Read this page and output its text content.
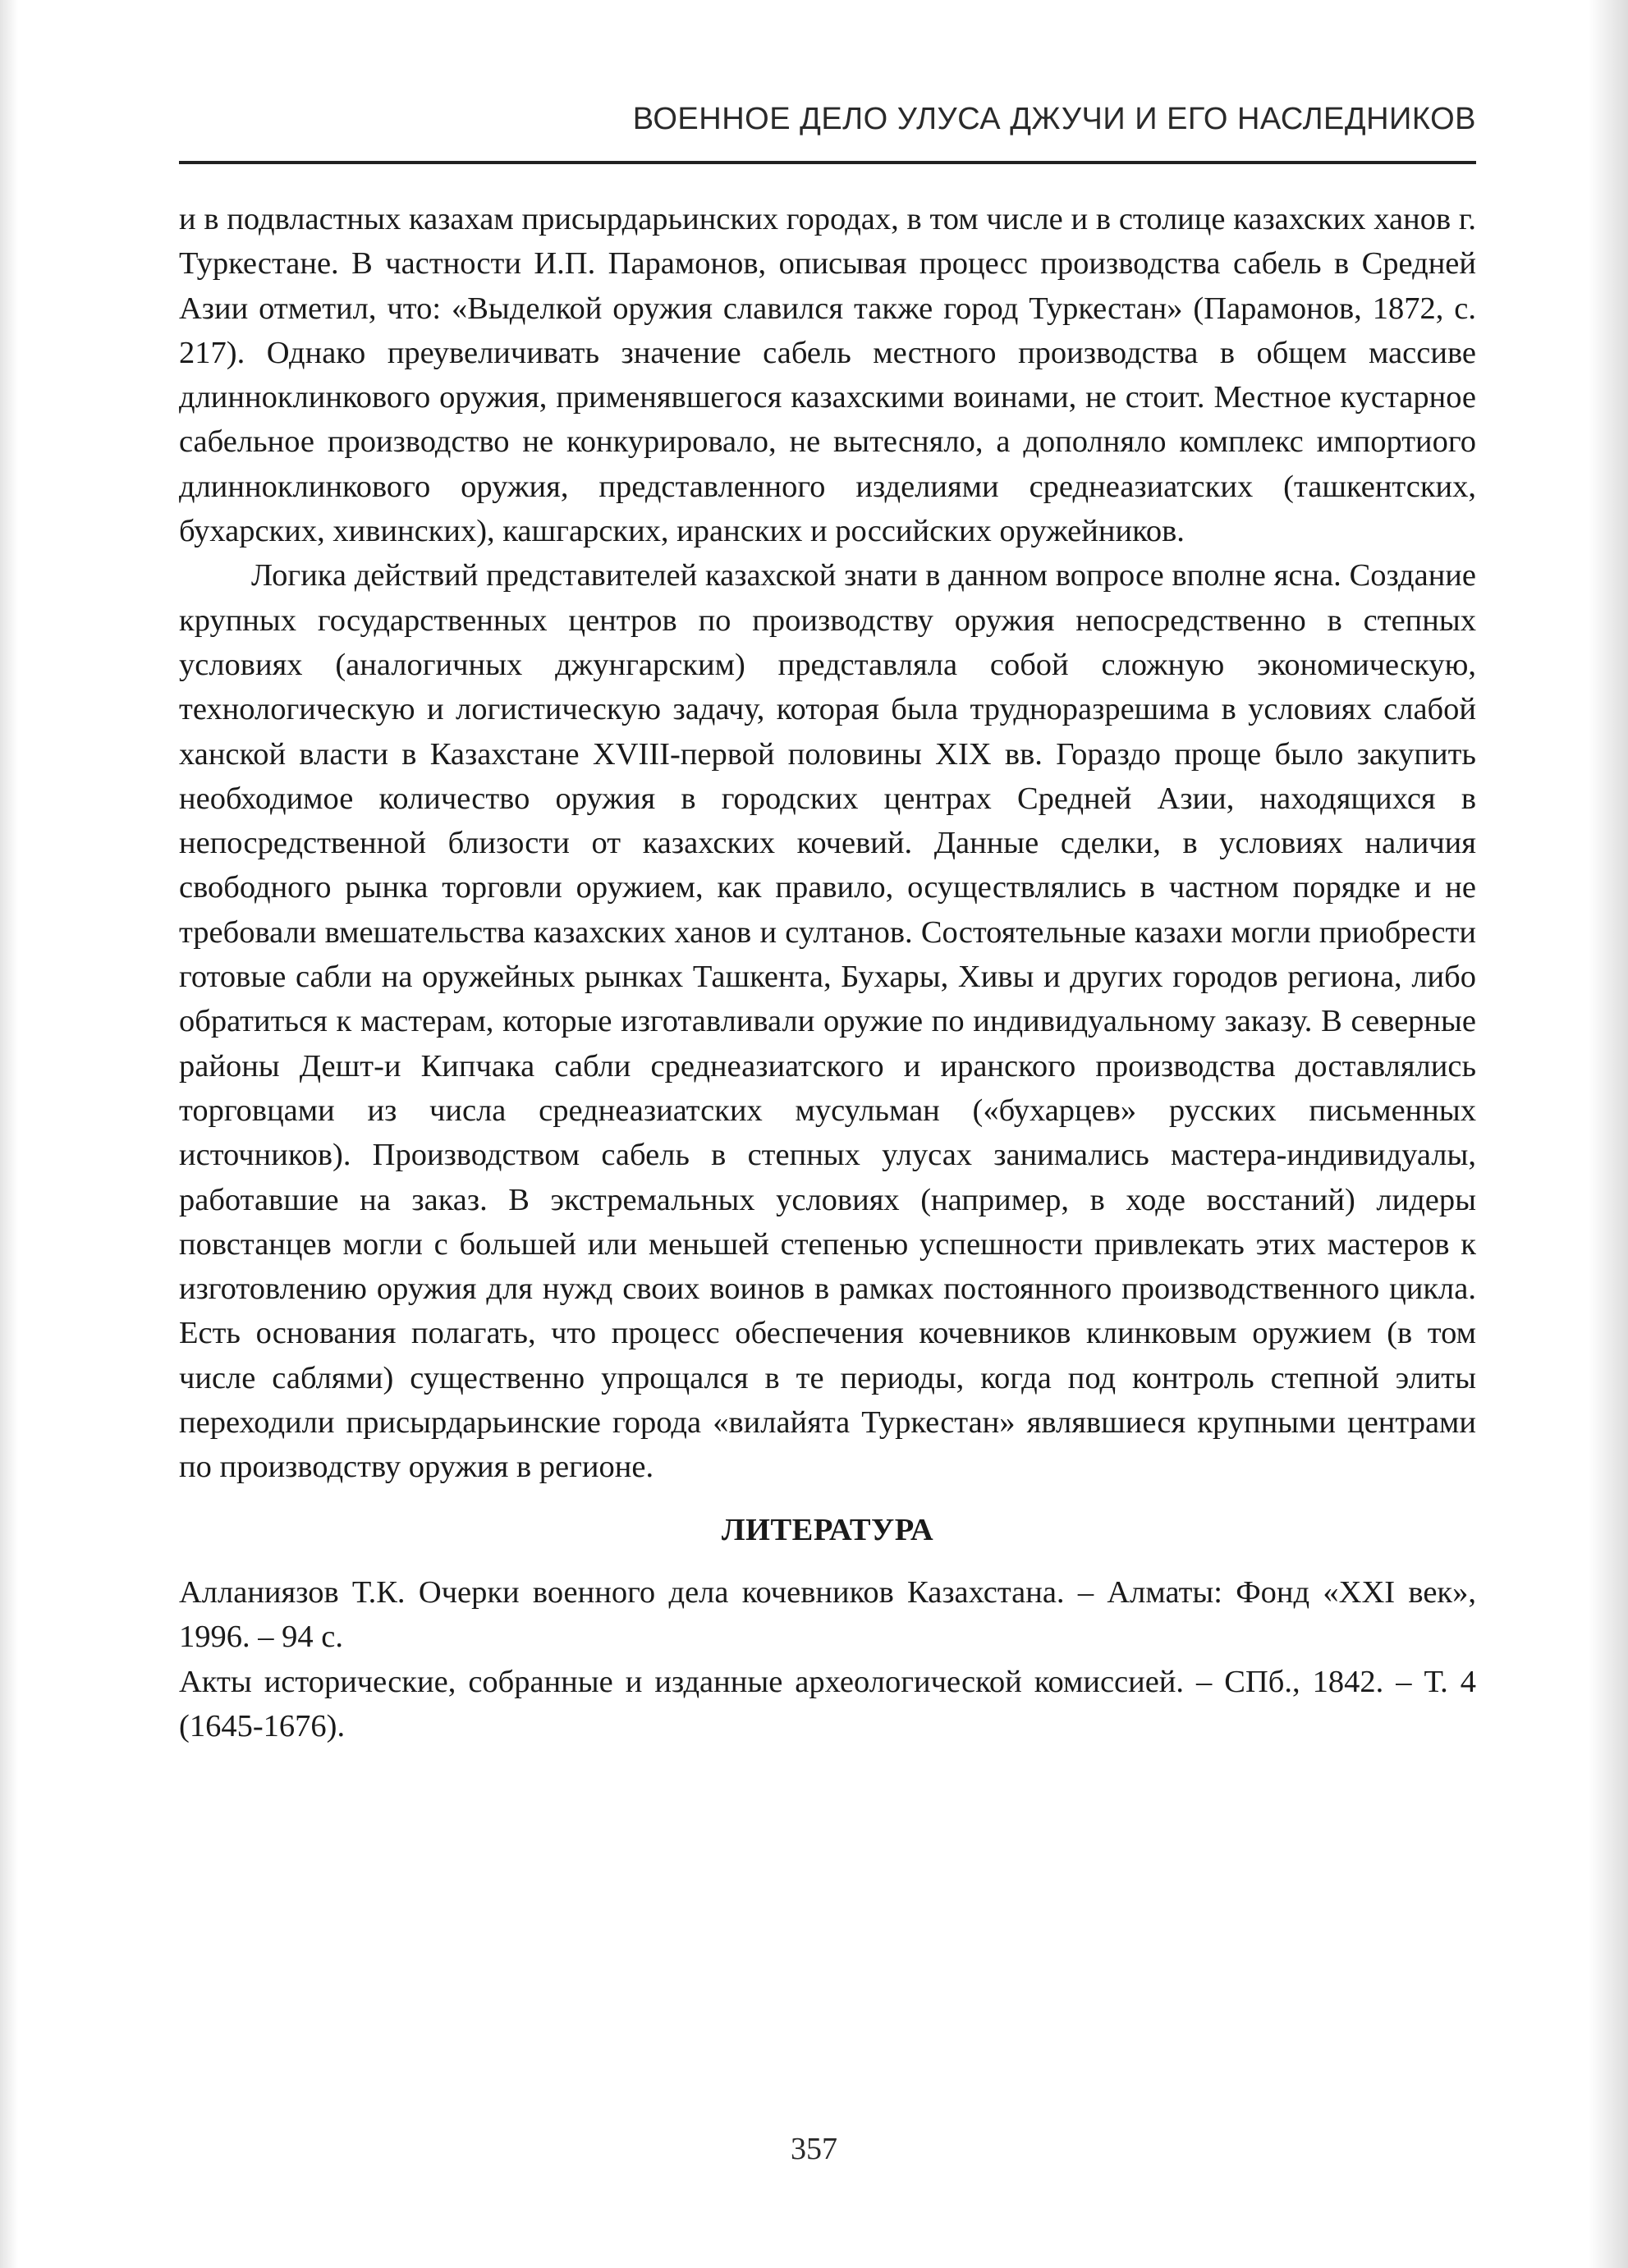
ВОЕННОЕ ДЕЛО УЛУСА ДЖУЧИ И ЕГО НАСЛЕДНИКОВ

и в подвластных казахам присырдарьинских городах, в том числе и в столице казахских ханов г. Туркестане. В частности И.П. Парамонов, описывая процесс производства сабель в Средней Азии отметил, что: «Выделкой оружия славился также город Туркестан» (Парамонов, 1872, с. 217). Однако преувеличивать значение сабель местного производства в общем массиве длинноклинкового оружия, применявшегося казахскими воинами, не стоит. Местное кустарное сабельное производство не конкурировало, не вытесняло, а дополняло комплекс импортиого длинноклинкового оружия, представленного изделиями среднеазиатских (ташкентских, бухарских, хивинских), кашгарских, иранских и российских оружейников.

Логика действий представителей казахской знати в данном вопросе вполне ясна. Создание крупных государственных центров по производству оружия непосредственно в степных условиях (аналогичных джунгарским) представляла собой сложную экономическую, технологическую и логистическую задачу, которая была трудноразрешима в условиях слабой ханской власти в Казахстане XVIII-первой половины XIX вв. Гораздо проще было закупить необходимое количество оружия в городских центрах Средней Азии, находящихся в непосредственной близости от казахских кочевий. Данные сделки, в условиях наличия свободного рынка торговли оружием, как правило, осуществлялись в частном порядке и не требовали вмешательства казахских ханов и султанов. Состоятельные казахи могли приобрести готовые сабли на оружейных рынках Ташкента, Бухары, Хивы и других городов региона, либо обратиться к мастерам, которые изготавливали оружие по индивидуальному заказу. В северные районы Дешт-и Кипчака сабли среднеазиатского и иранского производства доставлялись торговцами из числа среднеазиатских мусульман («бухарцев» русских письменных источников). Производством сабель в степных улусах занимались мастера-индивидуалы, работавшие на заказ. В экстремальных условиях (например, в ходе восстаний) лидеры повстанцев могли с большей или меньшей степенью успешности привлекать этих мастеров к изготовлению оружия для нужд своих воинов в рамках постоянного производственного цикла. Есть основания полагать, что процесс обеспечения кочевников клинковым оружием (в том числе саблями) существенно упрощался в те периоды, когда под контроль степной элиты переходили присырдарьинские города «вилайята Туркестан» являвшиеся крупными центрами по производству оружия в регионе.

ЛИТЕРАТУРА

Алланиязов Т.К. Очерки военного дела кочевников Казахстана. – Алматы: Фонд «XXI век», 1996. – 94 с.

Акты исторические, собранные и изданные археологической комиссией. – СПб., 1842. – Т. 4 (1645-1676).

357
